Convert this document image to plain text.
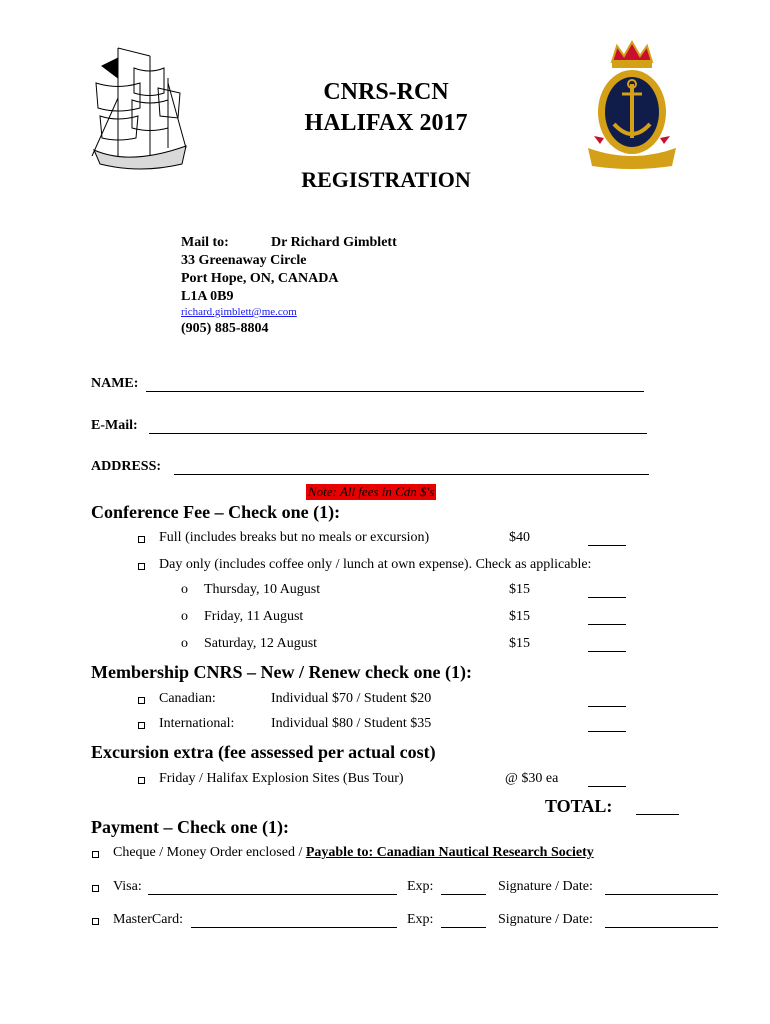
CNRS-RCN
HALIFAX 2017
REGISTRATION
Mail to:	Dr Richard Gimblett
33 Greenaway Circle
Port Hope, ON, CANADA
L1A 0B9
richard.gimblett@me.com
(905) 885-8804
NAME:
E-Mail:
ADDRESS:
Note: All fees in Cdn $'s
Conference Fee – Check one (1):
Full (includes breaks but no meals or excursion)	$40
Day only (includes coffee only / lunch at own expense). Check as applicable:
o Thursday, 10 August	$15
o Friday, 11 August	$15
o Saturday, 12 August	$15
Membership CNRS – New / Renew check one (1):
Canadian:	Individual $70 / Student $20
International:	Individual $80 / Student $35
Excursion extra (fee assessed per actual cost)
Friday / Halifax Explosion Sites (Bus Tour)	@ $30 ea
TOTAL:
Payment – Check one (1):
Cheque / Money Order enclosed / Payable to: Canadian Nautical Research Society
Visa:	Exp:	Signature / Date:
MasterCard:	Exp:	Signature / Date:
